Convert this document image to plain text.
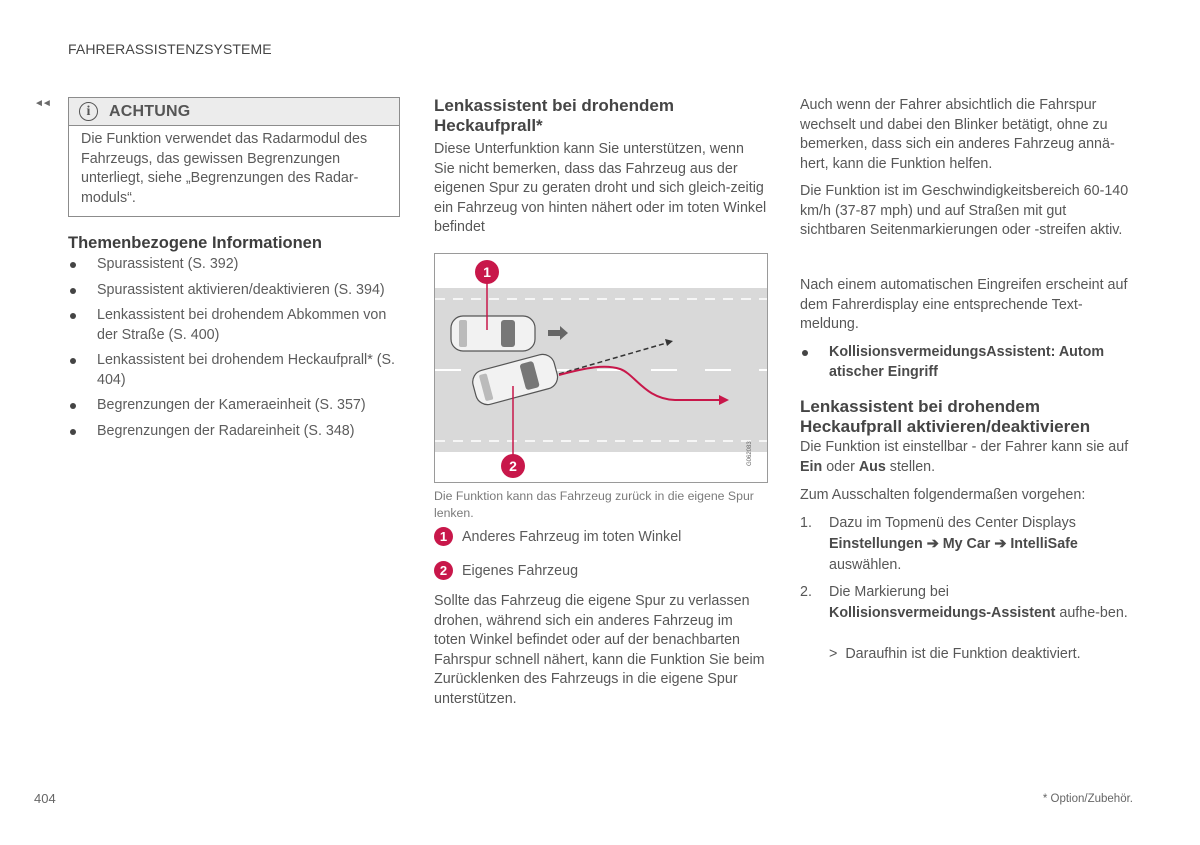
FAHRERASSISTENZSYSTEME
◄◄	i	ACHTUNG
Die Funktion verwendet das Radarmodul des Fahrzeugs, das gewissen Begrenzungen unterliegt, siehe „Begrenzungen des Radar-moduls“.
Themenbezogene Informationen
Spurassistent (S. 392)
Spurassistent aktivieren/deaktivieren (S. 394)
Lenkassistent bei drohendem Abkommen von der Straße (S. 400)
Lenkassistent bei drohendem Heckaufprall* (S. 404)
Begrenzungen der Kameraeinheit (S. 357)
Begrenzungen der Radareinheit (S. 348)
Lenkassistent bei drohendem Heckaufprall*

Diese Unterfunktion kann Sie unterstützen, wenn Sie nicht bemerken, dass das Fahrzeug aus der eigenen Spur zu geraten droht und sich gleich-zeitig ein Fahrzeug von hinten nähert oder im toten Winkel befindet

1
2	G062083
Die Funktion kann das Fahrzeug zurück in die eigene Spur lenken.
1	Anderes Fahrzeug im toten Winkel
2	Eigenes Fahrzeug

Sollte das Fahrzeug die eigene Spur zu verlassen drohen, während sich ein anderes Fahrzeug im toten Winkel befindet oder auf der benachbarten Fahrspur schnell nähert, kann die Funktion Sie beim Zurücklenken des Fahrzeugs in die eigene Spur unterstützen.

Auch wenn der Fahrer absichtlich die Fahrspur wechselt und dabei den Blinker betätigt, ohne zu bemerken, dass sich ein anderes Fahrzeug annä-hert, kann die Funktion helfen.

Die Funktion ist im Geschwindigkeitsbereich 60-140 km/h (37-87 mph) und auf Straßen mit gut sichtbaren Seitenmarkierungen oder -streifen aktiv.

Nach einem automatischen Eingreifen erscheint auf dem Fahrerdisplay eine entsprechende Text-meldung.

KollisionsvermeidungsAssistent: Autom atischer Eingriff
Lenkassistent bei drohendem Heckaufprall aktivieren/deaktivieren

Die Funktion ist einstellbar - der Fahrer kann sie auf Ein oder Aus stellen.

Zum Ausschalten folgendermaßen vorgehen:

1. Dazu im Topmenü des Center Displays
Einstellungen ➔ My Car ➔ IntelliSafe
auswählen.
2. Die Markierung bei
Kollisionsvermeidungs-Assistent aufhe-ben.
> Daraufhin ist die Funktion deaktiviert.
404	* Option/Zubehör.
